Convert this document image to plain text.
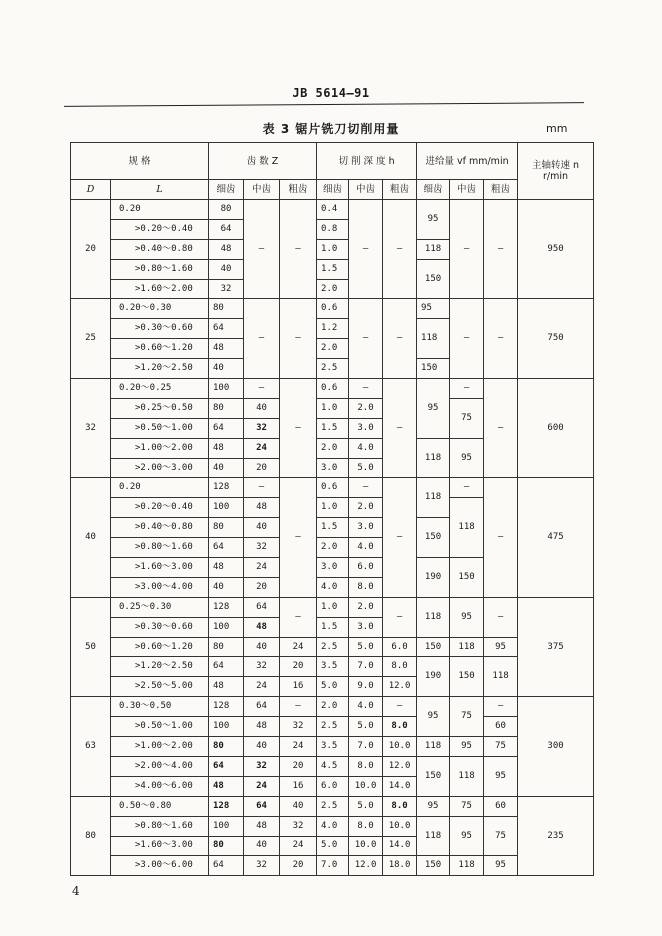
JB 5614—91
表 3 锯片铣刀切削用量	mm
规 格		齿 数 Z			切 削 深 度 h			进给量 vf mm/min			主轴转速 n r/min
D	L	细齿	中齿	粗齿	细齿	中齿	粗齿	细齿	中齿	粗齿	
20	0.20	80	—	—	0.4	—	—	95	—	—	950
	>0.20～0.40	64			0.8						
	>0.40～0.80	48			1.0			118			
	>0.80～1.60	40			1.5			150			
	>1.60～2.00	32			2.0						
25	0.20～0.30	80	—	—	0.6	—	—	95	—	—	750
	>0.30～0.60	64			1.2			118			
	>0.60～1.20	48			2.0						
	>1.20～2.50	40			2.5			150			
32	0.20～0.25	100	—	—	0.6	—	—	95	—	—	600
	>0.25～0.50	80	40		1.0	2.0			75		
	>0.50～1.00	64	32		1.5	3.0					
	>1.00～2.00	48	24		2.0	4.0		118	95		
	>2.00～3.00	40	20		3.0	5.0					
40	0.20	128	—	—	0.6	—	—	118	—	—	475
	>0.20～0.40	100	48		1.0	2.0			118		
	>0.40～0.80	80	40		1.5	3.0		150			
	>0.80～1.60	64	32		2.0	4.0					
	>1.60～3.00	48	24		3.0	6.0		190	150		
	>3.00～4.00	40	20		4.0	8.0					
50	0.25～0.30	128	64	—	1.0	2.0	—	118	95	—	375
	>0.30～0.60	100	48		1.5	3.0					
	>0.60～1.20	80	40	24	2.5	5.0	6.0	150	118	95	
	>1.20～2.50	64	32	20	3.5	7.0	8.0	190	150	118	
	>2.50～5.00	48	24	16	5.0	9.0	12.0				
63	0.30～0.50	128	64	—	2.0	4.0	—	95	75	—	300
	>0.50～1.00	100	48	32	2.5	5.0	8.0			60	
	>1.00～2.00	80	40	24	3.5	7.0	10.0	118	95	75	
	>2.00～4.00	64	32	20	4.5	8.0	12.0	150	118	95	
	>4.00～6.00	48	24	16	6.0	10.0	14.0				
80	0.50～0.80	128	64	40	2.5	5.0	8.0	95	75	60	235
	>0.80～1.60	100	48	32	4.0	8.0	10.0	118	95	75	
	>1.60～3.00	80	40	24	5.0	10.0	14.0				
	>3.00～6.00	64	32	20	7.0	12.0	18.0	150	118	95	
4
